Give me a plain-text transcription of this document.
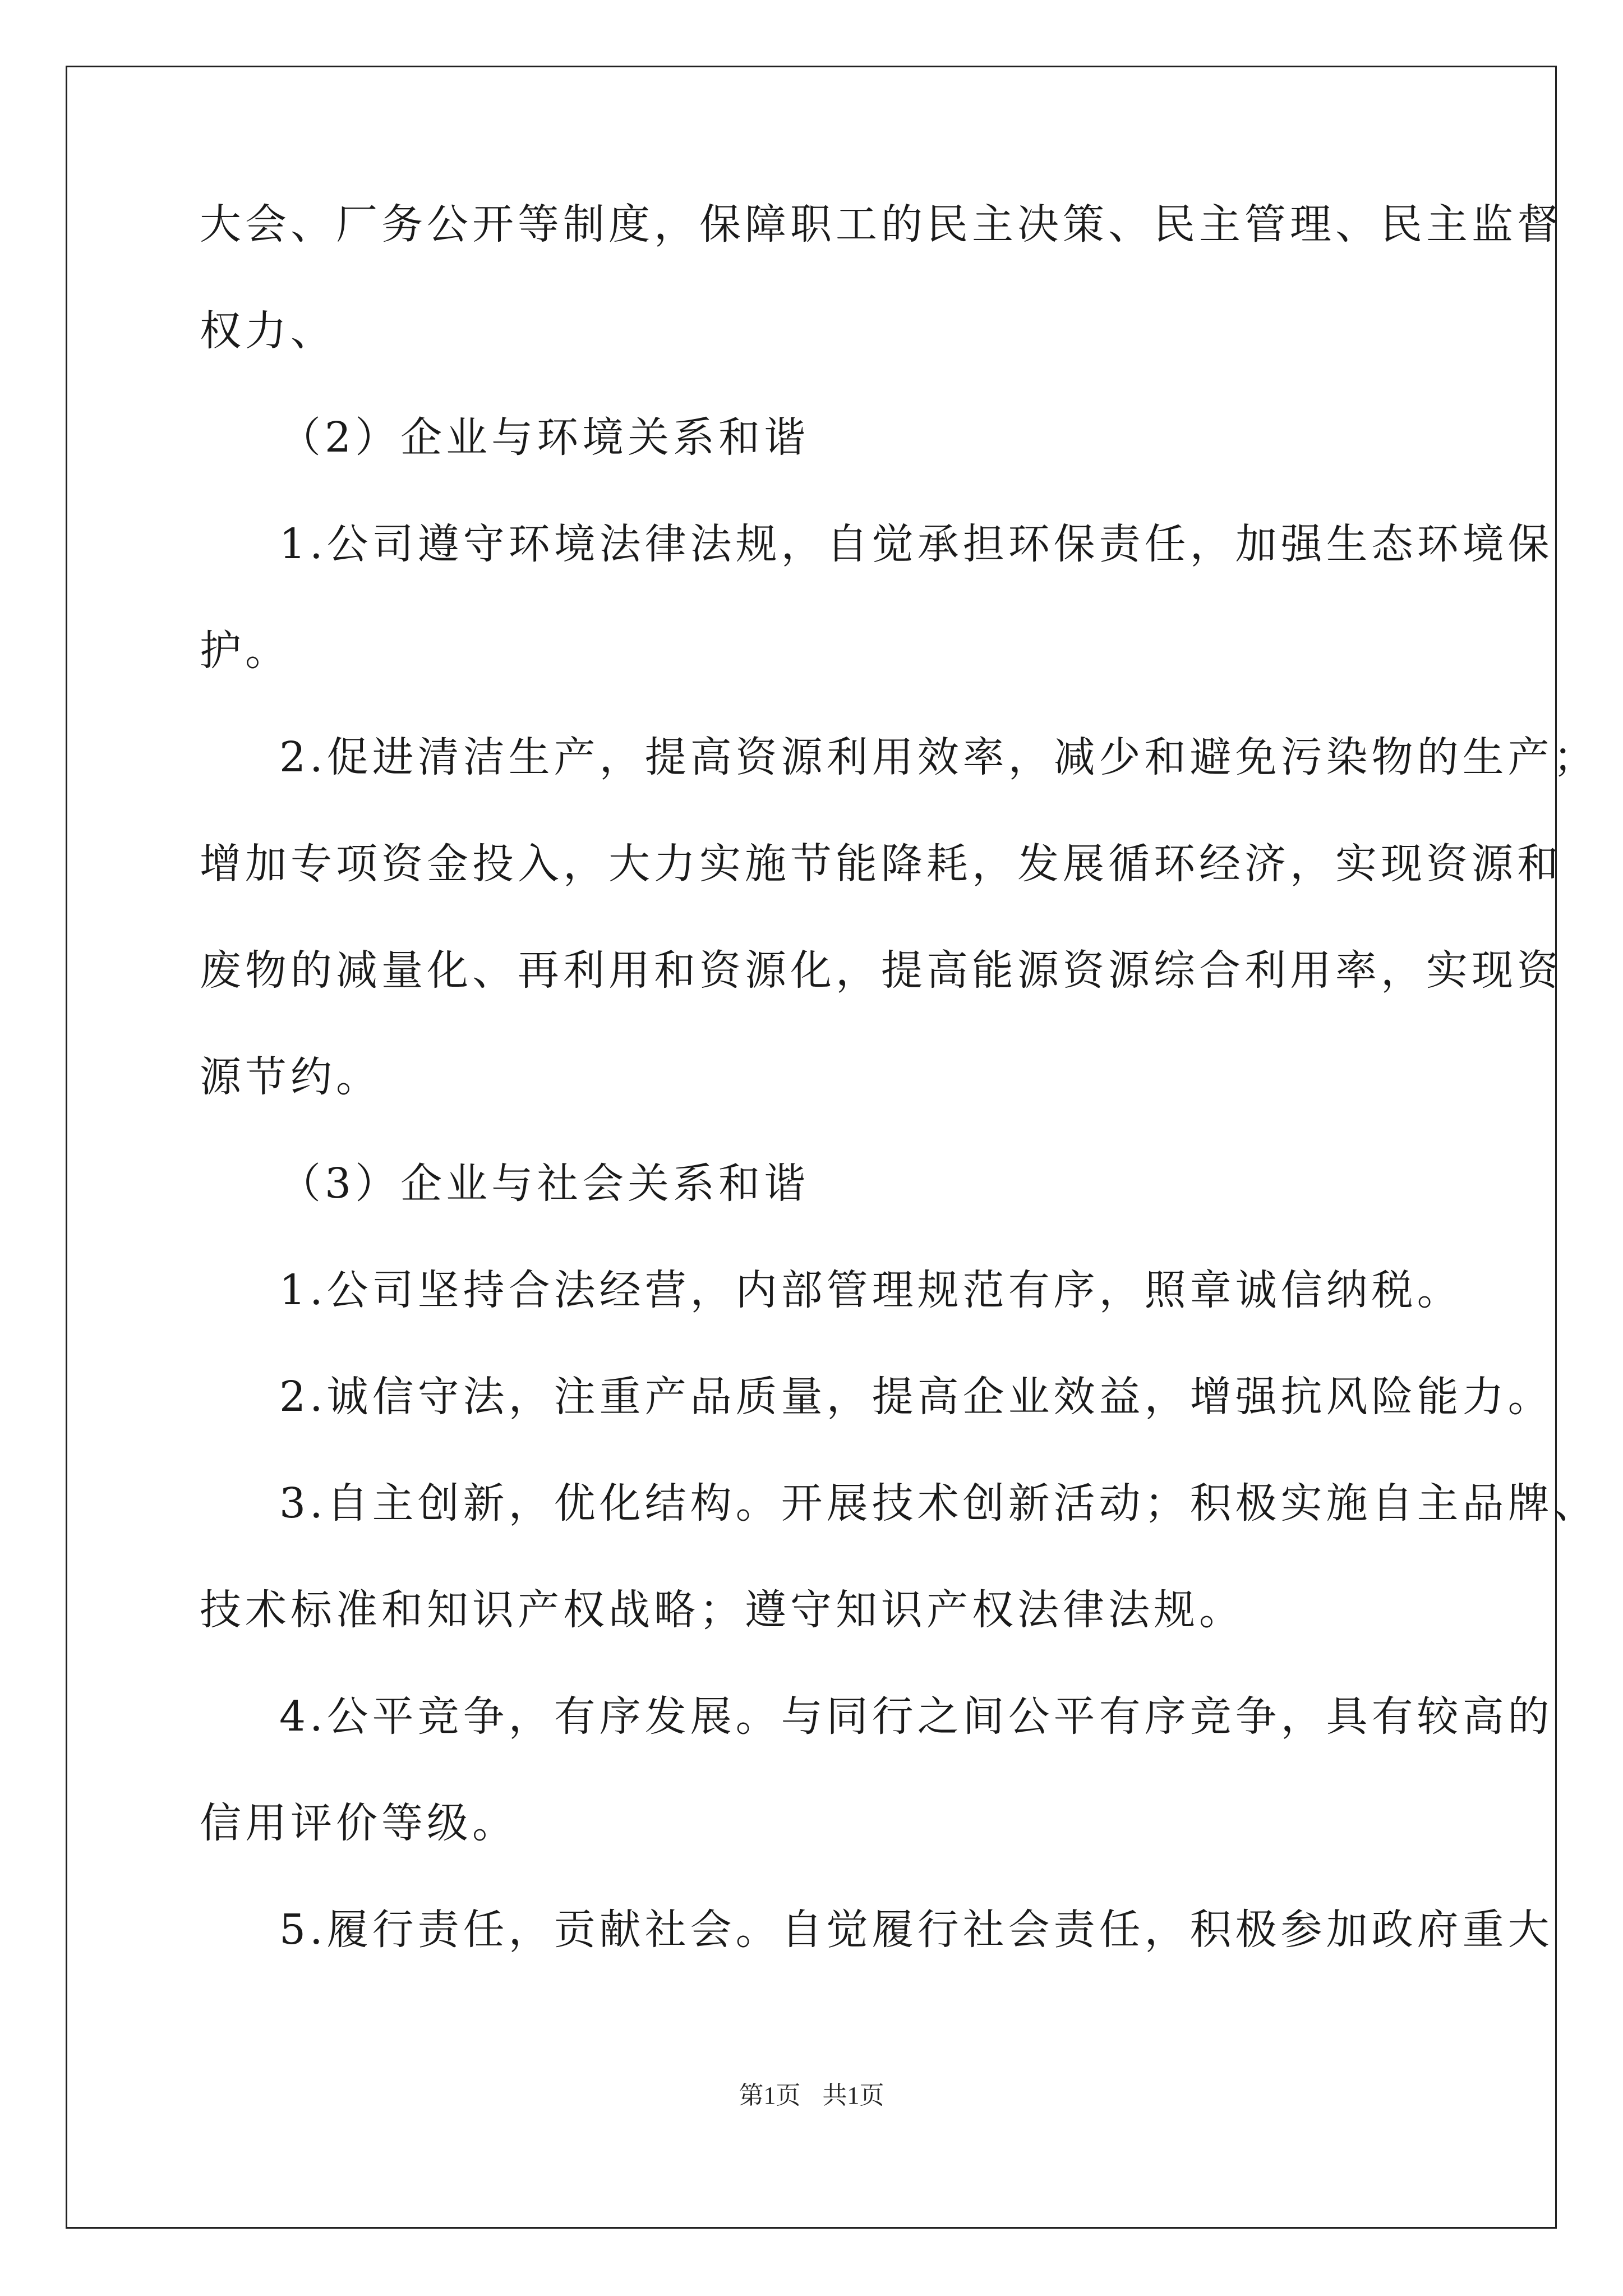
大会、厂务公开等制度，保障职工的民主决策、民主管理、民主监督
权力、
（2）企业与环境关系和谐
1.公司遵守环境法律法规，自觉承担环保责任，加强生态环境保
护。
2.促进清洁生产，提高资源利用效率，减少和避免污染物的生产；
增加专项资金投入，大力实施节能降耗，发展循环经济，实现资源和
废物的减量化、再利用和资源化，提高能源资源综合利用率，实现资
源节约。
（3）企业与社会关系和谐
1.公司坚持合法经营，内部管理规范有序，照章诚信纳税。
2.诚信守法，注重产品质量，提高企业效益，增强抗风险能力。
3.自主创新，优化结构。开展技术创新活动；积极实施自主品牌、
技术标准和知识产权战略；遵守知识产权法律法规。
4.公平竞争，有序发展。与同行之间公平有序竞争，具有较高的
信用评价等级。
5.履行责任，贡献社会。自觉履行社会责任，积极参加政府重大
第1页 共1页
